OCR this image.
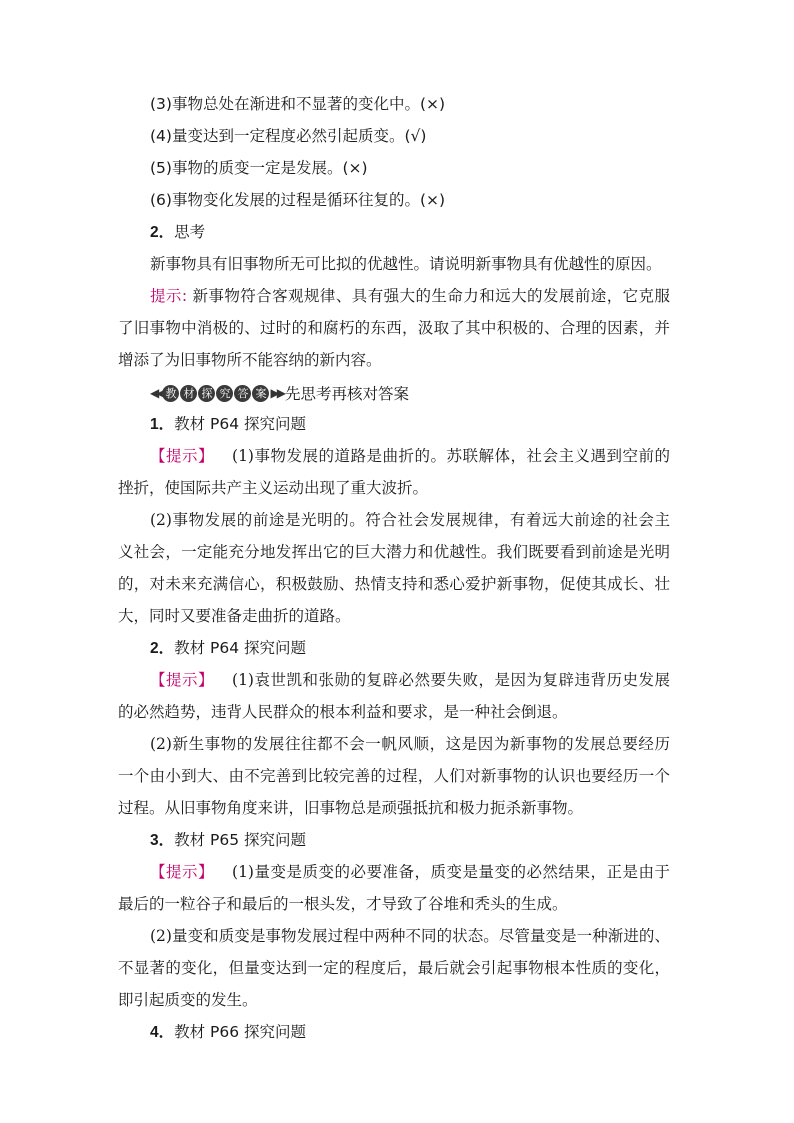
(3)事物总处在渐进和不显著的变化中。(×)
(4)量变达到一定程度必然引起质变。(√)
(5)事物的质变一定是发展。(×)
(6)事物变化发展的过程是循环往复的。(×)
2．思考
新事物具有旧事物所无可比拟的优越性。请说明新事物具有优越性的原因。
提示: 新事物符合客观规律、具有强大的生命力和远大的发展前途，它克服
了旧事物中消极的、过时的和腐朽的东西，汲取了其中积极的、合理的因素，并
增添了为旧事物所不能容纳的新内容。
◀◀ 教 材 探 究 答 案 ▶▶ 先思考再核对答案
1．教材 P64 探究问题
【提示】 (1)事物发展的道路是曲折的。苏联解体，社会主义遇到空前的
挫折，使国际共产主义运动出现了重大波折。
(2)事物发展的前途是光明的。符合社会发展规律，有着远大前途的社会主
义社会，一定能充分地发挥出它的巨大潜力和优越性。我们既要看到前途是光明
的，对未来充满信心，积极鼓励、热情支持和悉心爱护新事物，促使其成长、壮
大，同时又要准备走曲折的道路。
2．教材 P64 探究问题
【提示】 (1)袁世凯和张勋的复辟必然要失败，是因为复辟违背历史发展
的必然趋势，违背人民群众的根本利益和要求，是一种社会倒退。
(2)新生事物的发展往往都不会一帆风顺，这是因为新事物的发展总要经历
一个由小到大、由不完善到比较完善的过程，人们对新事物的认识也要经历一个
过程。从旧事物角度来讲，旧事物总是顽强抵抗和极力扼杀新事物。
3．教材 P65 探究问题
【提示】 (1)量变是质变的必要准备，质变是量变的必然结果，正是由于
最后的一粒谷子和最后的一根头发，才导致了谷堆和秃头的生成。
(2)量变和质变是事物发展过程中两种不同的状态。尽管量变是一种渐进的、
不显著的变化，但量变达到一定的程度后，最后就会引起事物根本性质的变化，
即引起质变的发生。
4．教材 P66 探究问题
